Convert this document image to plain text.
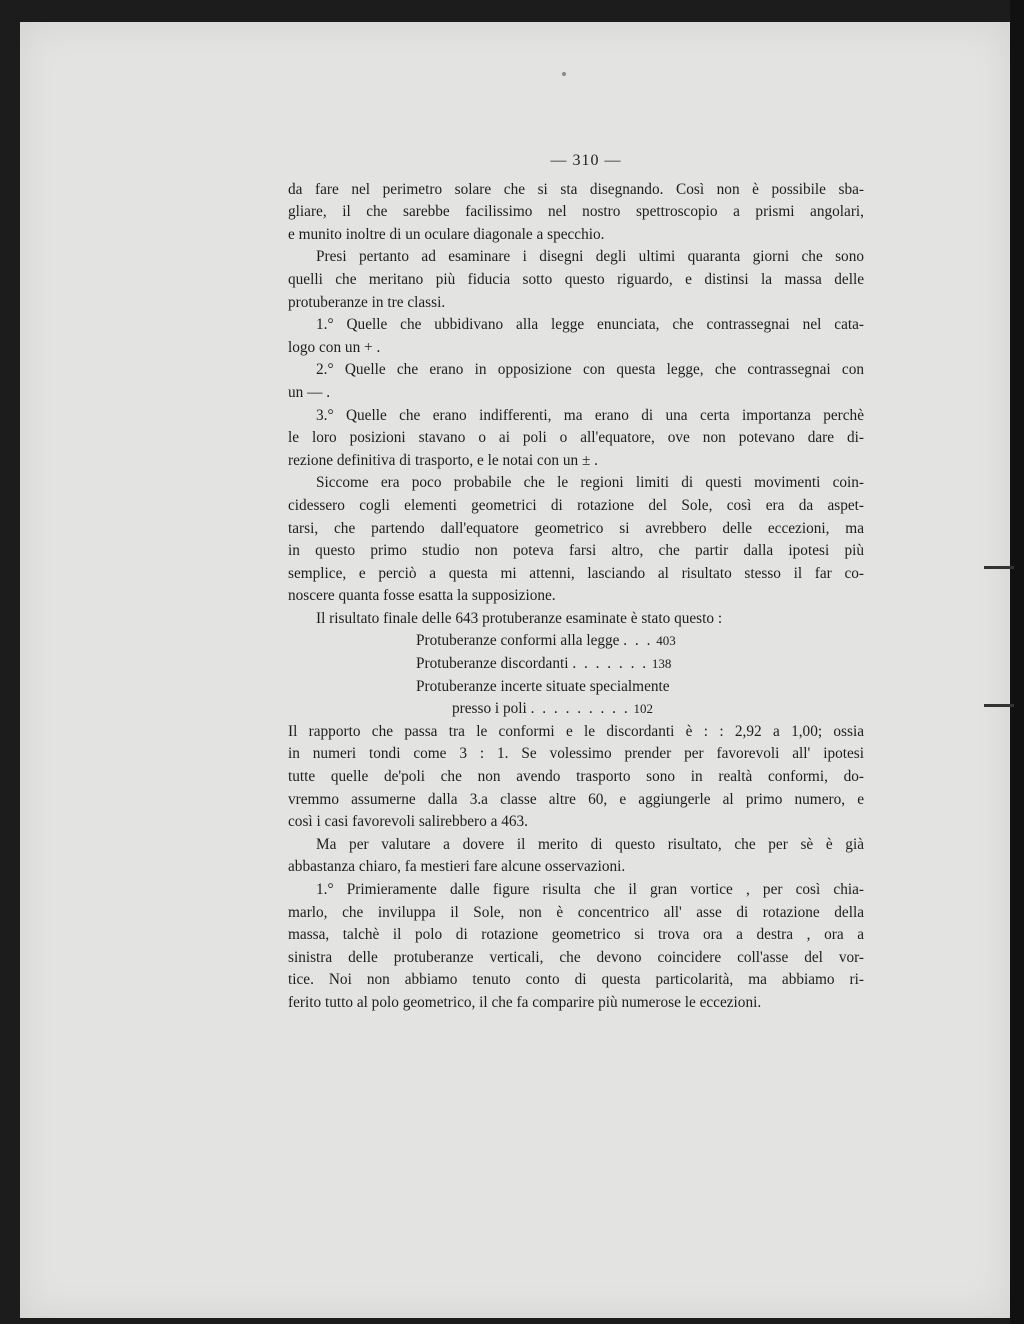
— 310 —
da fare nel perimetro solare che si sta disegnando. Così non è possibile sba-
gliare, il che sarebbe facilissimo nel nostro spettroscopio a prismi angolari,
e munito inoltre di un oculare diagonale a specchio.
Presi pertanto ad esaminare i disegni degli ultimi quaranta giorni che sono
quelli che meritano più fiducia sotto questo riguardo, e distinsi la massa delle
protuberanze in tre classi.
1.° Quelle che ubbidivano alla legge enunciata, che contrassegnai nel cata-
logo con un + .
2.° Quelle che erano in opposizione con questa legge, che contrassegnai con
un — .
3.° Quelle che erano indifferenti, ma erano di una certa importanza perchè
le loro posizioni stavano o ai poli o all'equatore, ove non potevano dare di-
rezione definitiva di trasporto, e le notai con un ± .
Siccome era poco probabile che le regioni limiti di questi movimenti coin-
cidessero cogli elementi geometrici di rotazione del Sole, così era da aspet-
tarsi, che partendo dall'equatore geometrico si avrebbero delle eccezioni, ma
in questo primo studio non poteva farsi altro, che partir dalla ipotesi più
semplice, e perciò a questa mi attenni, lasciando al risultato stesso il far co-
noscere quanta fosse esatta la supposizione.
Il risultato finale delle 643 protuberanze esaminate è stato questo :
Protuberanze conformi alla legge . . . 403
Protuberanze discordanti . . . . . . . 138
Protuberanze incerte situate specialmente
presso i poli . . . . . . . . . 102
Il rapporto che passa tra le conformi e le discordanti è : : 2,92 a 1,00; ossia
in numeri tondi come 3 : 1. Se volessimo prender per favorevoli all' ipotesi
tutte quelle de'poli che non avendo trasporto sono in realtà conformi, do-
vremmo assumerne dalla 3.a classe altre 60, e aggiungerle al primo numero, e
così i casi favorevoli salirebbero a 463.
Ma per valutare a dovere il merito di questo risultato, che per sè è già
abbastanza chiaro, fa mestieri fare alcune osservazioni.
1.° Primieramente dalle figure risulta che il gran vortice , per così chia-
marlo, che inviluppa il Sole, non è concentrico all' asse di rotazione della
massa, talchè il polo di rotazione geometrico si trova ora a destra , ora a
sinistra delle protuberanze verticali, che devono coincidere coll'asse del vor-
tice. Noi non abbiamo tenuto conto di questa particolarità, ma abbiamo ri-
ferito tutto al polo geometrico, il che fa comparire più numerose le eccezioni.
